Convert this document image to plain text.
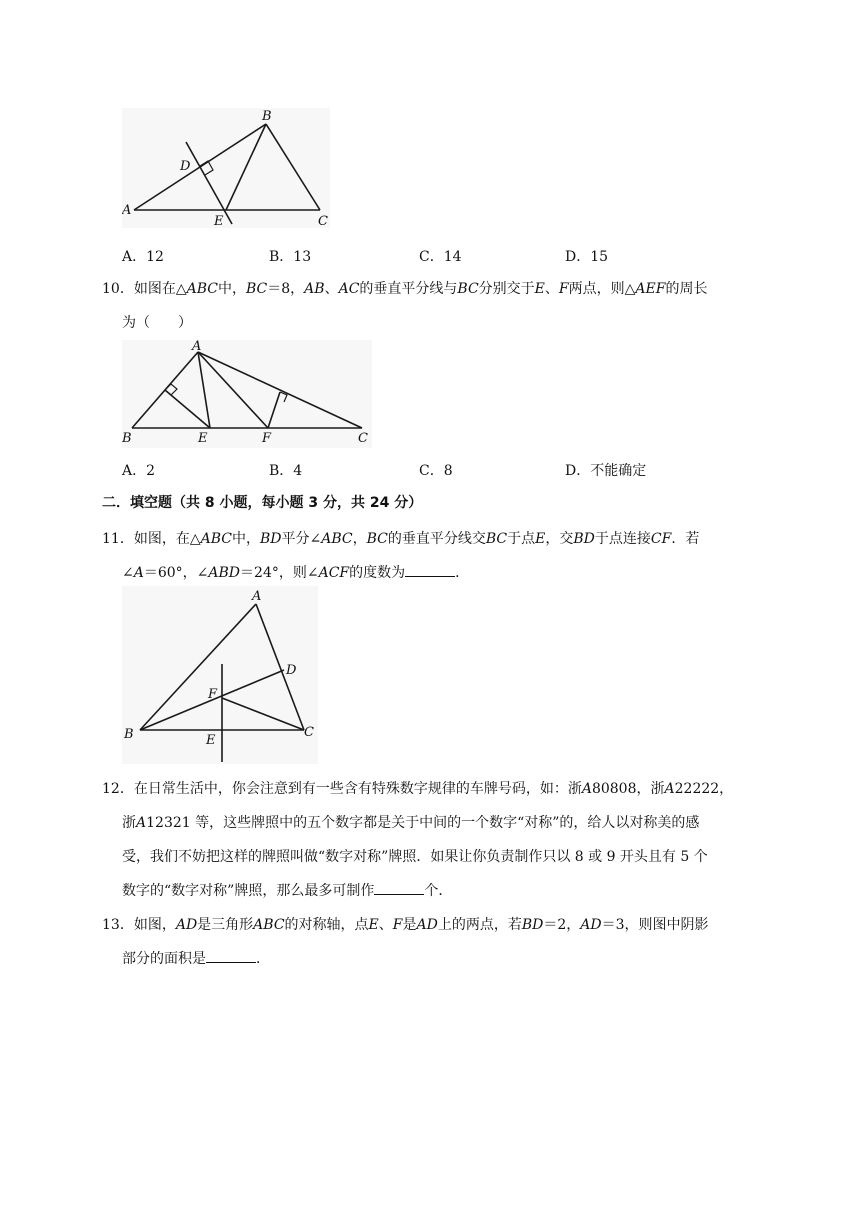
A
B
C
D
E
A．12	B．13	C．14	D．15
10．如图在△ABC中，BC＝8，AB、AC的垂直平分线与BC分别交于E、F两点，则△AEF的周长
为（　　）
A
B	C
E	F
A．2	B．4	C．8	D．不能确定
二．填空题（共 8 小题，每小题 3 分，共 24 分）
11．如图，在△ABC中，BD平分∠ABC，BC的垂直平分线交BC于点E，交BD于点连接CF．若
∠A＝60°，∠ABD＝24°，则∠ACF的度数为	．
A
B	C
D
E
F
12．在日常生活中，你会注意到有一些含有特殊数字规律的车牌号码，如：浙A80808，浙A22222，
浙A12321 等，这些牌照中的五个数字都是关于中间的一个数字“对称”的，给人以对称美的感
受，我们不妨把这样的牌照叫做“数字对称”牌照．如果让你负责制作只以 8 或 9 开头且有 5 个
数字的“数字对称”牌照，那么最多可制作	个．
13．如图，AD是三角形ABC的对称轴，点E、F是AD上的两点，若BD＝2，AD＝3，则图中阴影
部分的面积是	．
